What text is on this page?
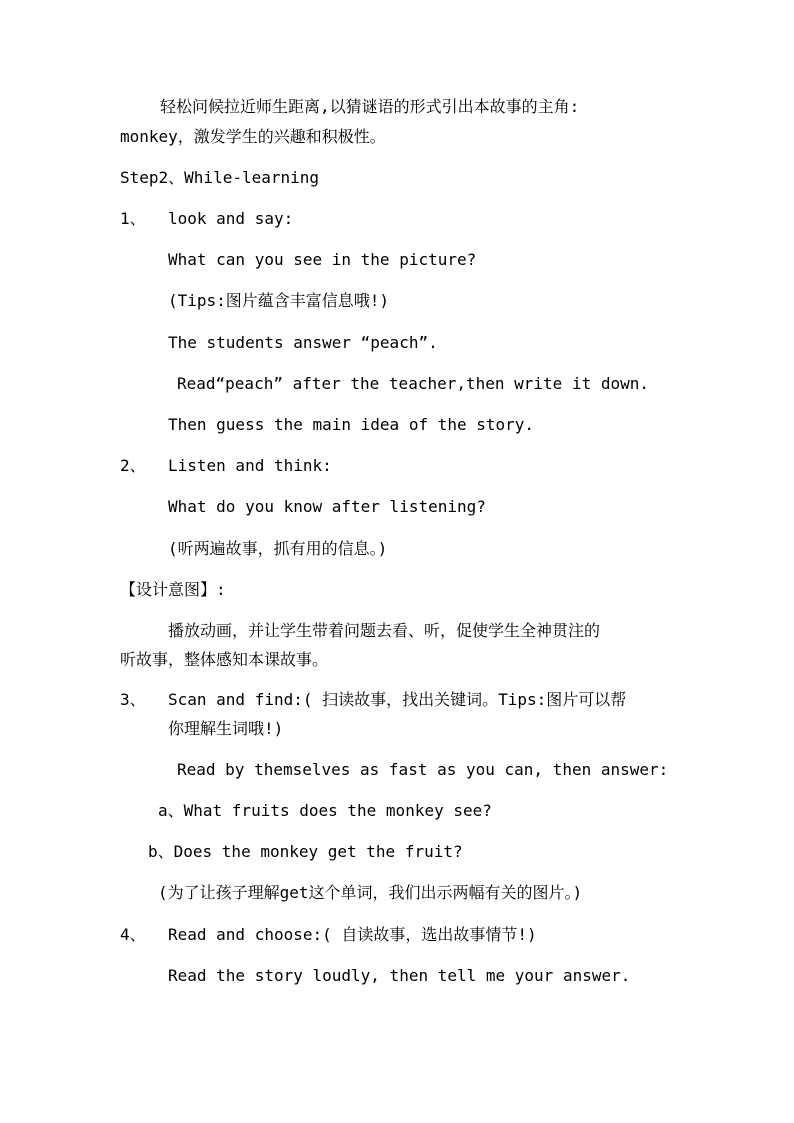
轻松问候拉近师生距离,以猜谜语的形式引出本故事的主角:
monkey，激发学生的兴趣和积极性。
Step2、While-learning
1、 look and say:
What can you see in the picture?
(Tips:图片蕴含丰富信息哦!)
The students answer “peach”.
Read“peach” after the teacher,then write it down.
Then guess the main idea of the story.
2、 Listen and think:
What do you know after listening?
(听两遍故事，抓有用的信息。)
【设计意图】:
播放动画，并让学生带着问题去看、听，促使学生全神贯注的
听故事，整体感知本课故事。
3、 Scan and find:( 扫读故事，找出关键词。Tips:图片可以帮
你理解生词哦!)
Read by themselves as fast as you can, then answer:
a、What fruits does the monkey see?
b、Does the monkey get the fruit?
(为了让孩子理解get这个单词，我们出示两幅有关的图片。)
4、 Read and choose:( 自读故事，选出故事情节!)
Read the story loudly, then tell me your answer.
